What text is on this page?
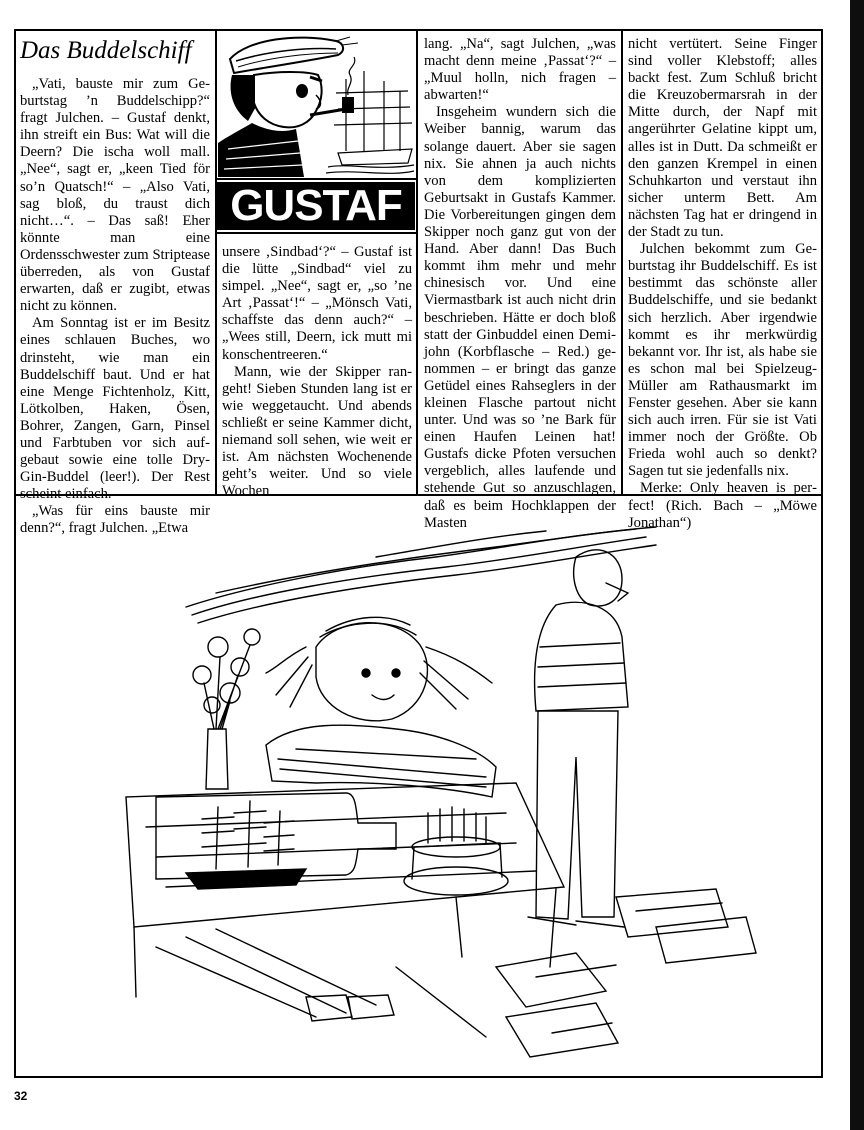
GUSTAF
Das Buddelschiff

„Vati, bauste mir zum Geburtstag ’n Buddelschipp?“ fragt Julchen. – Gustaf denkt, ihn streift ein Bus: Wat will die Deern? Die ischa woll mall. „Nee“, sagt er, „keen Tied för so’n Quatsch!“ – „Also Vati, sag bloß, du traust dich nicht…“. – Das saß! Eher könnte man eine Ordensschwester zum Striptease überreden, als von Gustaf erwarten, daß er zugibt, etwas nicht zu können.

Am Sonntag ist er im Besitz eines schlauen Buches, wo drinsteht, wie man ein Buddelschiff baut. Und er hat eine Menge Fichtenholz, Kitt, Lötkolben, Haken, Ösen, Bohrer, Zangen, Garn, Pinsel und Farbtuben vor sich aufgebaut sowie eine tolle Dry-Gin-Buddel (leer!). Der Rest scheint einfach.

„Was für eins bauste mir denn?“, fragt Julchen. „Etwa

unsere ‚Sindbad‘?“ – Gustaf ist die lütte „Sindbad“ viel zu simpel. „Nee“, sagt er, „so ’ne Art ‚Passat‘!“ – „Mönsch Vati, schaffste das denn auch?“ – „Wees still, Deern, ick mutt mi konschentreeren.“

Mann, wie der Skipper rangeht! Sieben Stunden lang ist er wie weggetaucht. Und abends schließt er seine Kammer dicht, niemand soll sehen, wie weit er ist. Am nächsten Wochenende geht’s weiter. Und so viele Wochen

lang. „Na“, sagt Julchen, „was macht denn meine ‚Passat‘?“ – „Muul holln, nich fragen – abwarten!“

Insgeheim wundern sich die Weiber bannig, warum das solange dauert. Aber sie sagen nix. Sie ahnen ja auch nichts von dem komplizierten Geburtsakt in Gustafs Kammer. Die Vorbereitungen gingen dem Skipper noch ganz gut von der Hand. Aber dann! Das Buch kommt ihm mehr und mehr chinesisch vor. Und eine Viermastbark ist auch nicht drin beschrieben. Hätte er doch bloß statt der Ginbuddel einen Demijohn (Korbflasche – Red.) genommen – er bringt das ganze Getüdel eines Rahseglers in der kleinen Flasche partout nicht unter. Und was so ’ne Bark für einen Haufen Leinen hat! Gustafs dicke Pfoten versuchen vergeblich, alles laufende und stehende Gut so anzuschlagen, daß es beim Hochklappen der Masten

nicht vertütert. Seine Finger sind voller Klebstoff; alles backt fest. Zum Schluß bricht die Kreuzobermarsrah in der Mitte durch, der Napf mit angerührter Gelatine kippt um, alles ist in Dutt. Da schmeißt er den ganzen Krempel in einen Schuhkarton und verstaut ihn sicher unterm Bett. Am nächsten Tag hat er dringend in der Stadt zu tun.

Julchen bekommt zum Geburtstag ihr Buddelschiff. Es ist bestimmt das schönste aller Buddelschiffe, und sie bedankt sich herzlich. Aber irgendwie kommt es ihr merkwürdig bekannt vor. Ihr ist, als habe sie es schon mal bei Spielzeug-Müller am Rathausmarkt im Fenster gesehen. Aber sie kann sich auch irren. Für sie ist Vati immer noch der Größte. Ob Frieda wohl auch so denkt? Sagen tut sie jedenfalls nix.

Merke: Only heaven is perfect! (Rich. Bach – „Möwe Jonathan“)

32
